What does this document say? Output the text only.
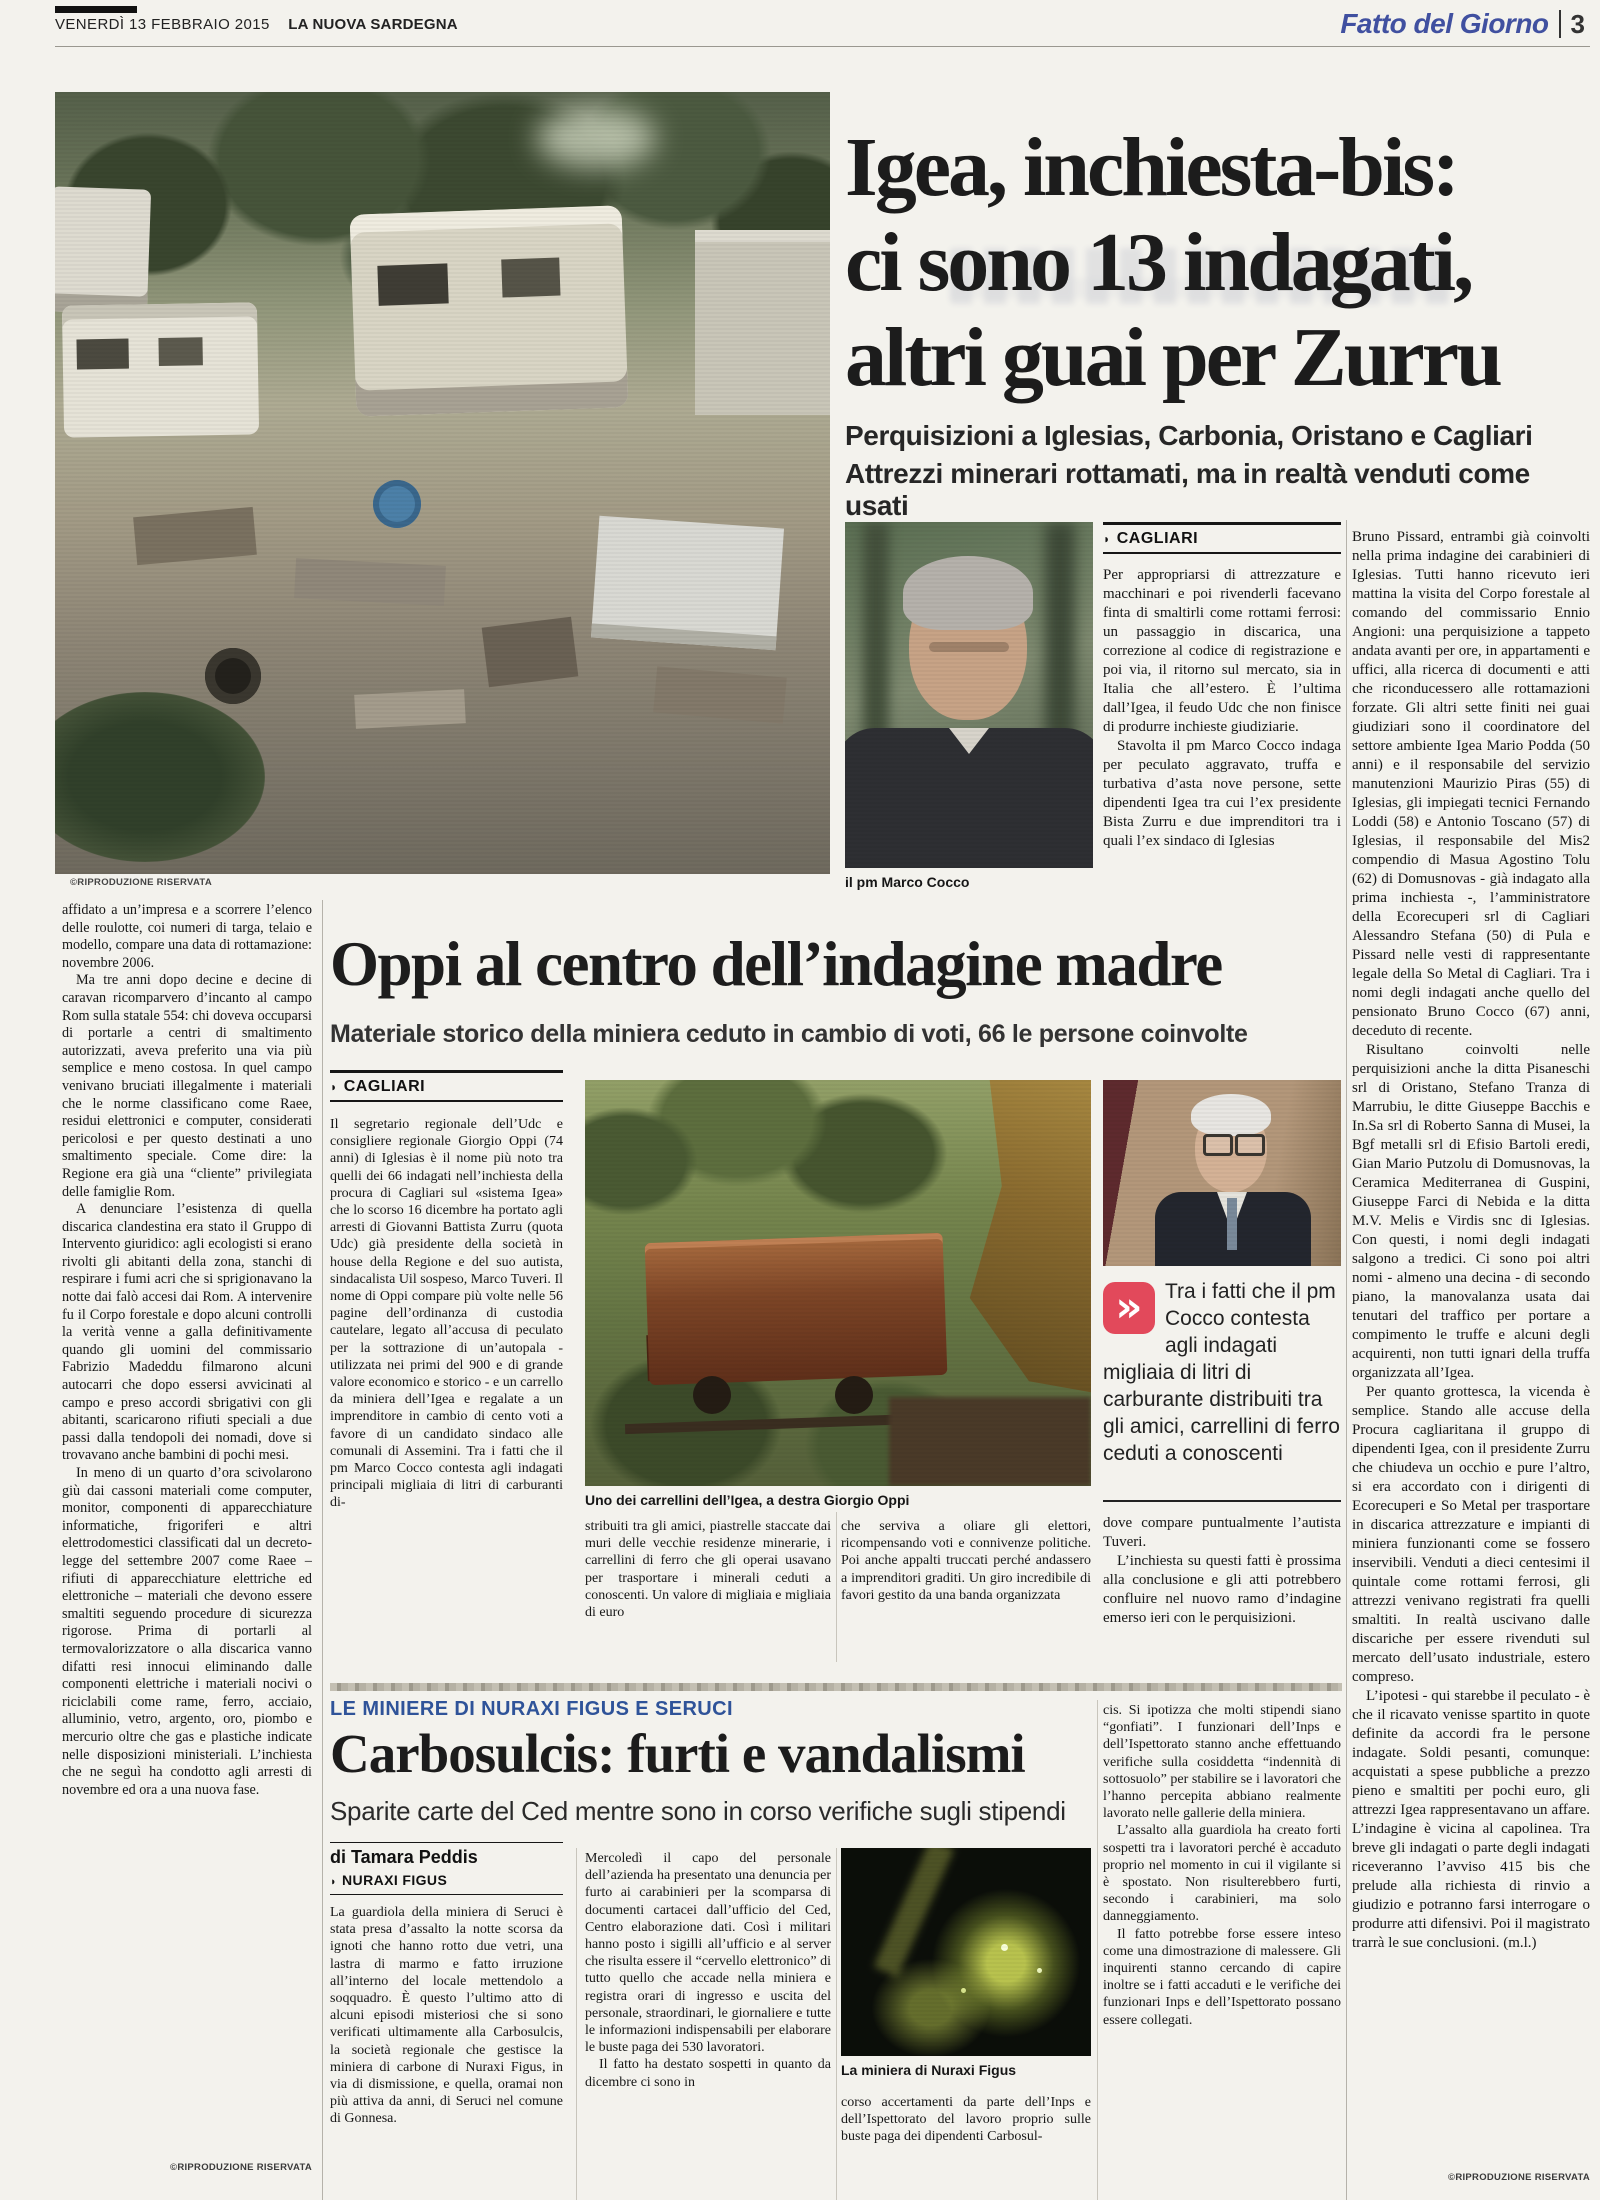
VENERDÌ 13 FEBBRAIO 2015 LA NUOVA SARDEGNA	Fatto del Giorno 3
©RIPRODUZIONE RISERVATA

Igea, inchiesta-bis:

ci sono 13 indagati,

altri guai per Zurru

Perquisizioni a Iglesias, Carbonia, Oristano e Cagliari
Attrezzi minerari rottamati, ma in realtà venduti come usati
il pm Marco Cocco
◗ CAGLIARI

Per appropriarsi di attrezzature e macchinari e poi rivenderli facevano finta di smaltirli come rottami ferrosi: un passaggio in discarica, una correzione al codice di registrazione e poi via, il ritorno sul mercato, sia in Italia che all’estero. È l’ultima dall’Igea, il feudo Udc che non finisce di produrre inchieste giudiziarie.

Stavolta il pm Marco Cocco indaga per peculato aggravato, truffa e turbativa d’asta nove persone, sette dipendenti Igea tra cui l’ex presidente Bista Zurru e due imprenditori tra i quali l’ex sindaco di Iglesias

Bruno Pissard, entrambi già coinvolti nella prima indagine dei carabinieri di Iglesias. Tutti hanno ricevuto ieri mattina la visita del Corpo forestale al comando del commissario Ennio Angioni: una perquisizione a tappeto andata avanti per ore, in appartamenti e uffici, alla ricerca di documenti e atti che riconducessero alle rottamazioni forzate. Gli altri sette finiti nei guai giudiziari sono il coordinatore del settore ambiente Igea Mario Podda (50 anni) e il responsabile del servizio manutenzioni Maurizio Piras (55) di Iglesias, gli impiegati tecnici Fernando Loddi (58) e Antonio Toscano (57) di Iglesias, il responsabile del Mis2 compendio di Masua Agostino Tolu (62) di Domusnovas - già indagato alla prima inchiesta -, l’amministratore della Ecorecuperi srl di Cagliari Alessandro Stefana (50) di Pula e Pissard nelle vesti di rappresentante legale della So Metal di Cagliari. Tra i nomi degli indagati anche quello del pensionato Bruno Cocco (67) anni, deceduto di recente.

Risultano coinvolti nelle perquisizioni anche la ditta Pisaneschi srl di Oristano, Stefano Tranza di Marrubiu, le ditte Giuseppe Bacchis e In.Sa srl di Roberto Sanna di Musei, la Bgf metalli srl di Efisio Bartoli eredi, Gian Mario Putzolu di Domusnovas, la Ceramica Mediterranea di Guspini, Giuseppe Farci di Nebida e la ditta M.V. Melis e Virdis snc di Iglesias. Con questi, i nomi degli indagati salgono a tredici. Ci sono poi altri nomi - almeno una decina - di secondo piano, la manovalanza usata dai tenutari del traffico per portare a compimento le truffe e alcuni degli acquirenti, non tutti ignari della truffa organizzata all’Igea.

Per quanto grottesca, la vicenda è semplice. Stando alle accuse della Procura cagliaritana il gruppo di dipendenti Igea, con il presidente Zurru che chiudeva un occhio e pure l’altro, si era accordato con i dirigenti di Ecorecuperi e So Metal per trasportare in discarica attrezzature e impianti di miniera funzionanti come se fossero inservibili. Venduti a dieci centesimi il quintale come rottami ferrosi, gli attrezzi venivano registrati fra quelli smaltiti. In realtà uscivano dalle discariche per essere rivenduti sul mercato dell’usato industriale, estero compreso.

L’ipotesi - qui starebbe il peculato - è che il ricavato venisse spartito in quote definite da accordi fra le persone indagate. Soldi pesanti, comunque: acquistati a spese pubbliche a prezzo pieno e smaltiti per pochi euro, gli attrezzi Igea rappresentavano un affare. L’indagine è vicina al capolinea. Tra breve gli indagati o parte degli indagati riceveranno l’avviso 415 bis che prelude alla richiesta di rinvio a giudizio e potranno farsi interrogare o produrre atti difensivi. Poi il magistrato trarrà le sue conclusioni. (m.l.)

©RIPRODUZIONE RISERVATA

affidato a un’impresa e a scorrere l’elenco delle roulotte, coi numeri di targa, telaio e modello, compare una data di rottamazione: novembre 2006.

Ma tre anni dopo decine e decine di caravan ricomparvero d’incanto al campo Rom sulla statale 554: chi doveva occuparsi di portarle a centri di smaltimento autorizzati, aveva preferito una via più semplice e meno costosa. In quel campo venivano bruciati illegalmente i materiali che le norme classificano come Raee, residui elettronici e computer, considerati pericolosi e per questo destinati a uno smaltimento speciale. Come dire: la Regione era già una “cliente” privilegiata delle famiglie Rom.

A denunciare l’esistenza di quella discarica clandestina era stato il Gruppo di Intervento giuridico: agli ecologisti si erano rivolti gli abitanti della zona, stanchi di respirare i fumi acri che si sprigionavano la notte dai falò accesi dai Rom. A intervenire fu il Corpo forestale e dopo alcuni controlli la verità venne a galla definitivamente quando gli uomini del commissario Fabrizio Madeddu filmarono alcuni autocarri che dopo essersi avvicinati al campo e preso accordi sbrigativi con gli abitanti, scaricarono rifiuti speciali a due passi dalla tendopoli dei nomadi, dove si trovavano anche bambini di pochi mesi.

In meno di un quarto d’ora scivolarono giù dai cassoni materiali come computer, monitor, componenti di apparecchiature informatiche, frigoriferi e altri elettrodomestici classificati dal un decreto-legge del settembre 2007 come Raee – rifiuti di apparecchiature elettriche ed elettroniche – materiali che devono essere smaltiti seguendo procedure di sicurezza rigorose. Prima di portarli al termovalorizzatore o alla discarica vanno difatti resi innocui eliminando dalle componenti elettriche i materiali nocivi o riciclabili come rame, ferro, acciaio, alluminio, vetro, argento, oro, piombo e mercurio oltre che gas e plastiche indicate nelle disposizioni ministeriali. L’inchiesta che ne seguì ha condotto agli arresti di novembre ed ora a una nuova fase.

©RIPRODUZIONE RISERVATA
Oppi al centro dell’indagine madre
Materiale storico della miniera ceduto in cambio di voti, 66 le persone coinvolte
◗ CAGLIARI

Il segretario regionale dell’Udc e consigliere regionale Giorgio Oppi (74 anni) di Iglesias è il nome più noto tra quelli dei 66 indagati nell’inchiesta della procura di Cagliari sul «sistema Igea» che lo scorso 16 dicembre ha portato agli arresti di Giovanni Battista Zurru (quota Udc) già presidente della società in house della Regione e del suo autista, sindacalista Uil sospeso, Marco Tuveri. Il nome di Oppi compare più volte nelle 56 pagine dell’ordinanza di custodia cautelare, legato all’accusa di peculato per la sottrazione di un’autopala - utilizzata nei primi del 900 e di grande valore economico e storico - e un carrello da miniera dell’Igea e regalate a un imprenditore in cambio di cento voti a favore di un candidato sindaco alle comunali di Assemini. Tra i fatti che il pm Marco Cocco contesta agli indagati principali migliaia di litri di carburanti di-	Uno dei carrellini dell’Igea, a destra Giorgio Oppi

stribuiti tra gli amici, piastrelle staccate dai muri delle vecchie residenze minerarie, i carrellini di ferro che gli operai usavano per trasportare i minerali ceduti a conoscenti. Un valore di migliaia e migliaia di euro

che serviva a oliare gli elettori, ricompensando voti e connivenze politiche. Poi anche appalti truccati perché andassero a imprenditori graditi. Un giro incredibile di favori gestito da una banda organizzata

»	Tra i fatti che il pm Cocco contesta agli indagati migliaia di litri di carburante distribuiti tra gli amici, carrellini di ferro ceduti a conoscenti

dove compare puntualmente l’autista Tuveri.

L’inchiesta su questi fatti è prossima alla conclusione e gli atti potrebbero confluire nel nuovo ramo d’indagine emerso ieri con le perquisizioni.

LE MINIERE DI NURAXI FIGUS E SERUCI
Carbosulcis: furti e vandalismi
Sparite carte del Ced mentre sono in corso verifiche sugli stipendi
di Tamara Peddis
◗ NURAXI FIGUS

La guardiola della miniera di Seruci è stata presa d’assalto la notte scorsa da ignoti che hanno rotto due vetri, una lastra di marmo e fatto irruzione all’interno del locale mettendolo a soqquadro. È questo l’ultimo atto di alcuni episodi misteriosi che si sono verificati ultimamente alla Carbosulcis, la società regionale che gestisce la miniera di carbone di Nuraxi Figus, in via di dismissione, e quella, oramai non più attiva da anni, di Seruci nel comune di Gonnesa.

Mercoledì il capo del personale dell’azienda ha presentato una denuncia per furto ai carabinieri per la scomparsa di documenti cartacei dall’ufficio del Ced, Centro elaborazione dati. Così i militari hanno posto i sigilli all’ufficio e al server che risulta essere il “cervello elettronico” di tutto quello che accade nella miniera e registra orari di ingresso e uscita del personale, straordinari, le giornaliere e tutte le informazioni indispensabili per elaborare le buste paga dei 530 lavoratori.

Il fatto ha destato sospetti in quanto da dicembre ci sono in

La miniera di Nuraxi Figus

corso accertamenti da parte dell’Inps e dell’Ispettorato del lavoro proprio sulle buste paga dei dipendenti Carbosul-

cis. Si ipotizza che molti stipendi siano “gonfiati”. I funzionari dell’Inps e dell’Ispettorato stanno anche effettuando verifiche sulla cosiddetta “indennità di sottosuolo” per stabilire se i lavoratori che l’hanno percepita abbiano realmente lavorato nelle gallerie della miniera.

L’assalto alla guardiola ha creato forti sospetti tra i lavoratori perché è accaduto proprio nel momento in cui il vigilante si è spostato. Non risulterebbero furti, secondo i carabinieri, ma solo danneggiamento.

Il fatto potrebbe forse essere inteso come una dimostrazione di malessere. Gli inquirenti stanno cercando di capire inoltre se i fatti accaduti e le verifiche dei funzionari Inps e dell’Ispettorato possano essere collegati.
